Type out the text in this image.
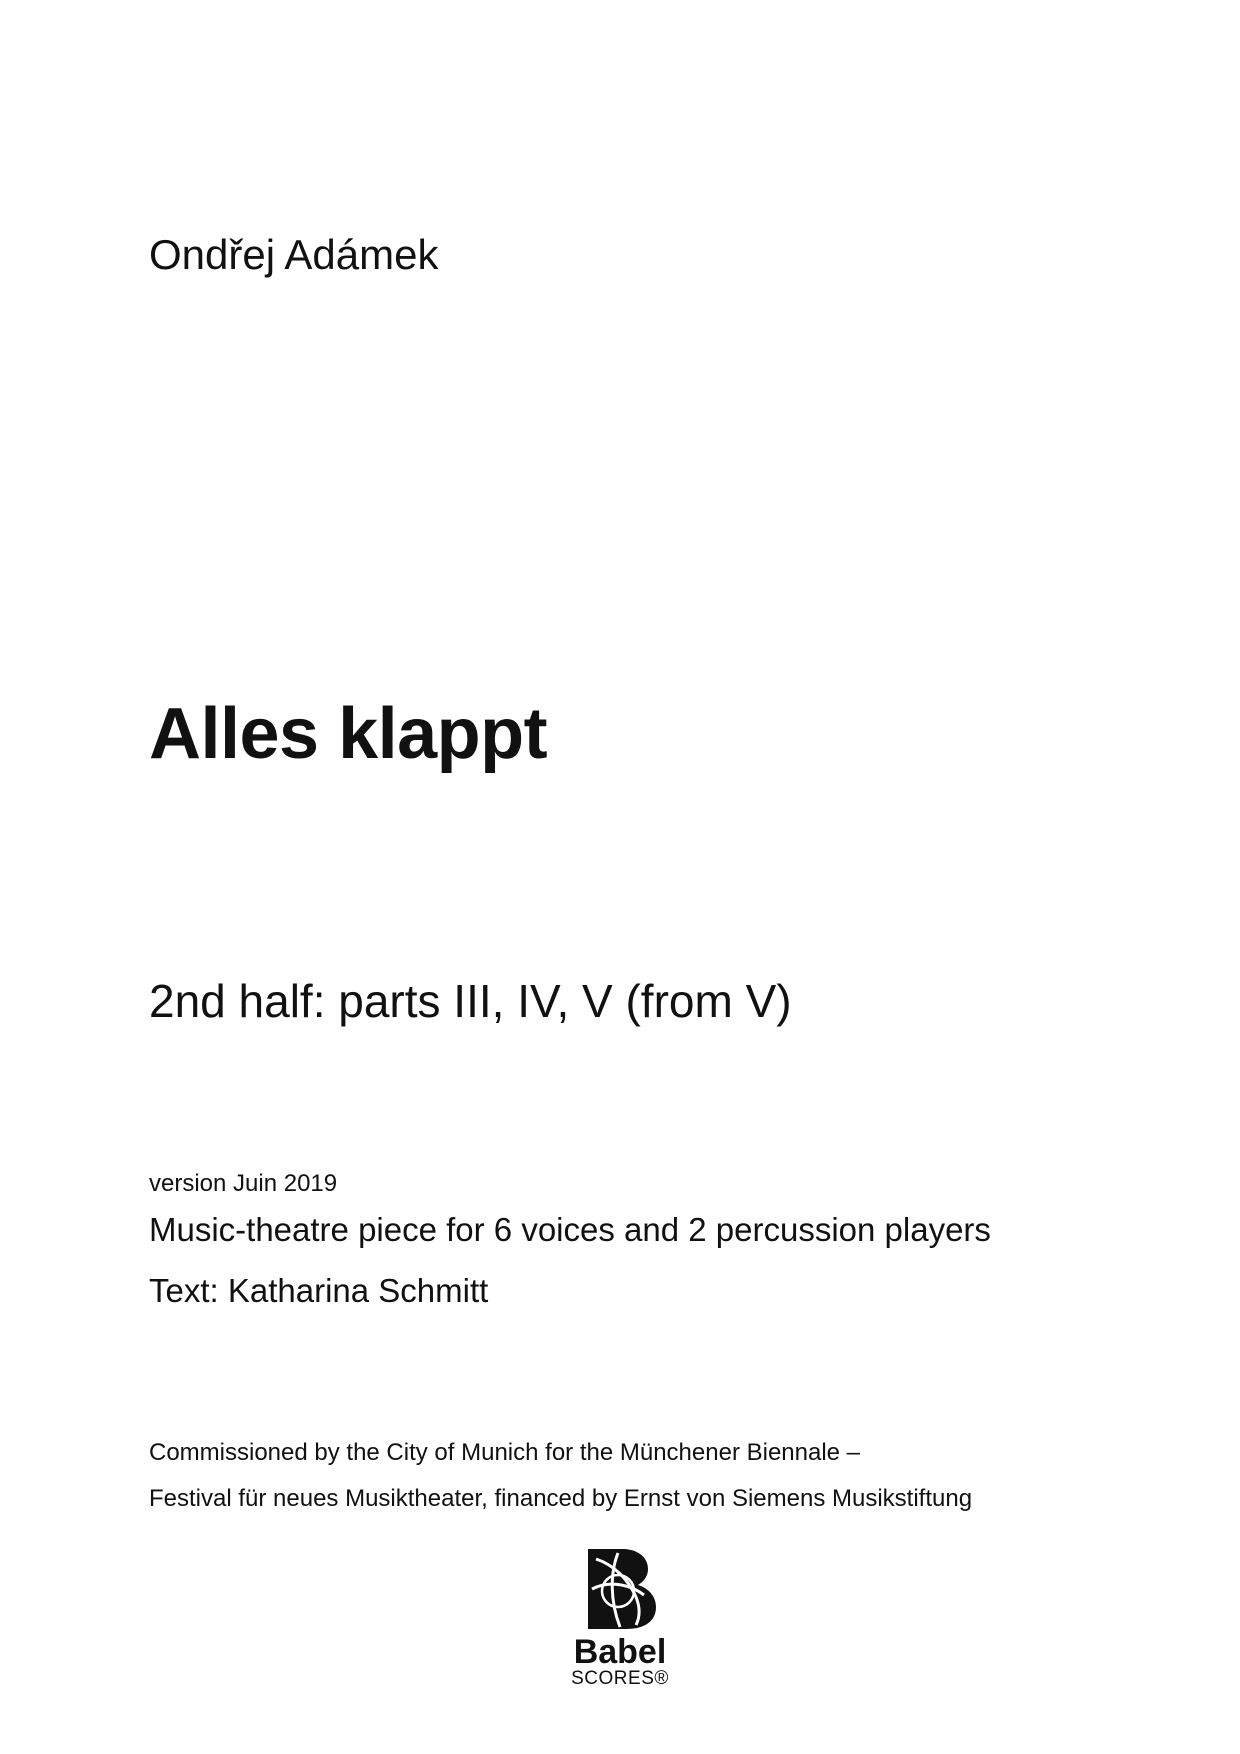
Ondřej Adámek

Alles klappt

2nd half: parts III, IV, V (from V)

version Juin 2019

Music-theatre piece for 6 voices and 2 percussion players

Text: Katharina Schmitt

Commissioned by the City of Munich for the Münchener Biennale –

Festival für neues Musiktheater, financed by Ernst von Siemens Musikstiftung

Babel
SCORES®
